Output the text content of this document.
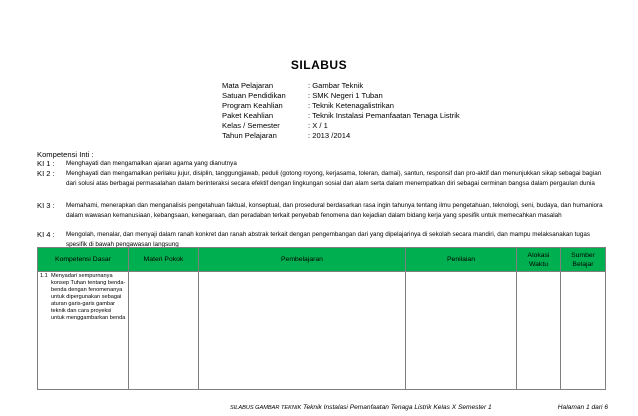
SILABUS
Mata Pelajaran	: Gambar Teknik
Satuan Pendidikan	: SMK Negeri 1 Tuban
Program Keahlian	: Teknik Ketenagalistrikan
Paket Keahlian	: Teknik Instalasi Pemanfaatan Tenaga Listrik
Kelas / Semester	: X / 1
Tahun Pelajaran	: 2013 /2014
Kompetensi Inti :
KI 1 :	Menghayati dan mengamalkan ajaran agama yang dianutnya
KI 2 :	Menghayati dan mengamalkan perilaku jujur, disiplin, tanggungjawab, peduli (gotong royong, kerjasama, toleran, damai), santun, responsif dan pro-aktif dan menunjukkan sikap sebagai bagian dari solusi atas berbagai permasalahan dalam berinteraksi secara efektif dengan lingkungan sosial dan alam serta dalam menempatkan diri sebagai cerminan bangsa dalam pergaulan dunia
KI 3 :	Memahami, menerapkan dan menganalisis pengetahuan faktual, konseptual, dan prosedural berdasarkan rasa ingin tahunya tentang ilmu pengetahuan, teknologi, seni, budaya, dan humaniora dalam wawasan kemanusiaan, kebangsaan, kenegaraan, dan peradaban terkait penyebab fenomena dan kejadian dalam bidang kerja yang spesifik untuk memecahkan masalah
KI 4 :	Mengolah, menalar, dan menyaji dalam ranah konkret dan ranah abstrak terkait dengan pengembangan dari yang dipelajarinya di sekolah secara mandiri, dan mampu melaksanakan tugas spesifik di bawah pengawasan langsung
Kompetensi Dasar	Materi Pokok	Pembelajaran	Penilaian	Alokasi Waktu	Sumber Belajar

1.1 Menyadari sempurnanya konsep Tuhan tentang benda-benda dengan fenomenanya untuk dipergunakan sebagai aturan garis-garis gambar teknik dan cara proyeksi untuk menggambarkan benda					

SILABUS GAMBAR TEKNIK Teknik Instalasi Pemanfaatan Tenaga Listrik Kelas X Semester 1	Halaman 1 dari 6
